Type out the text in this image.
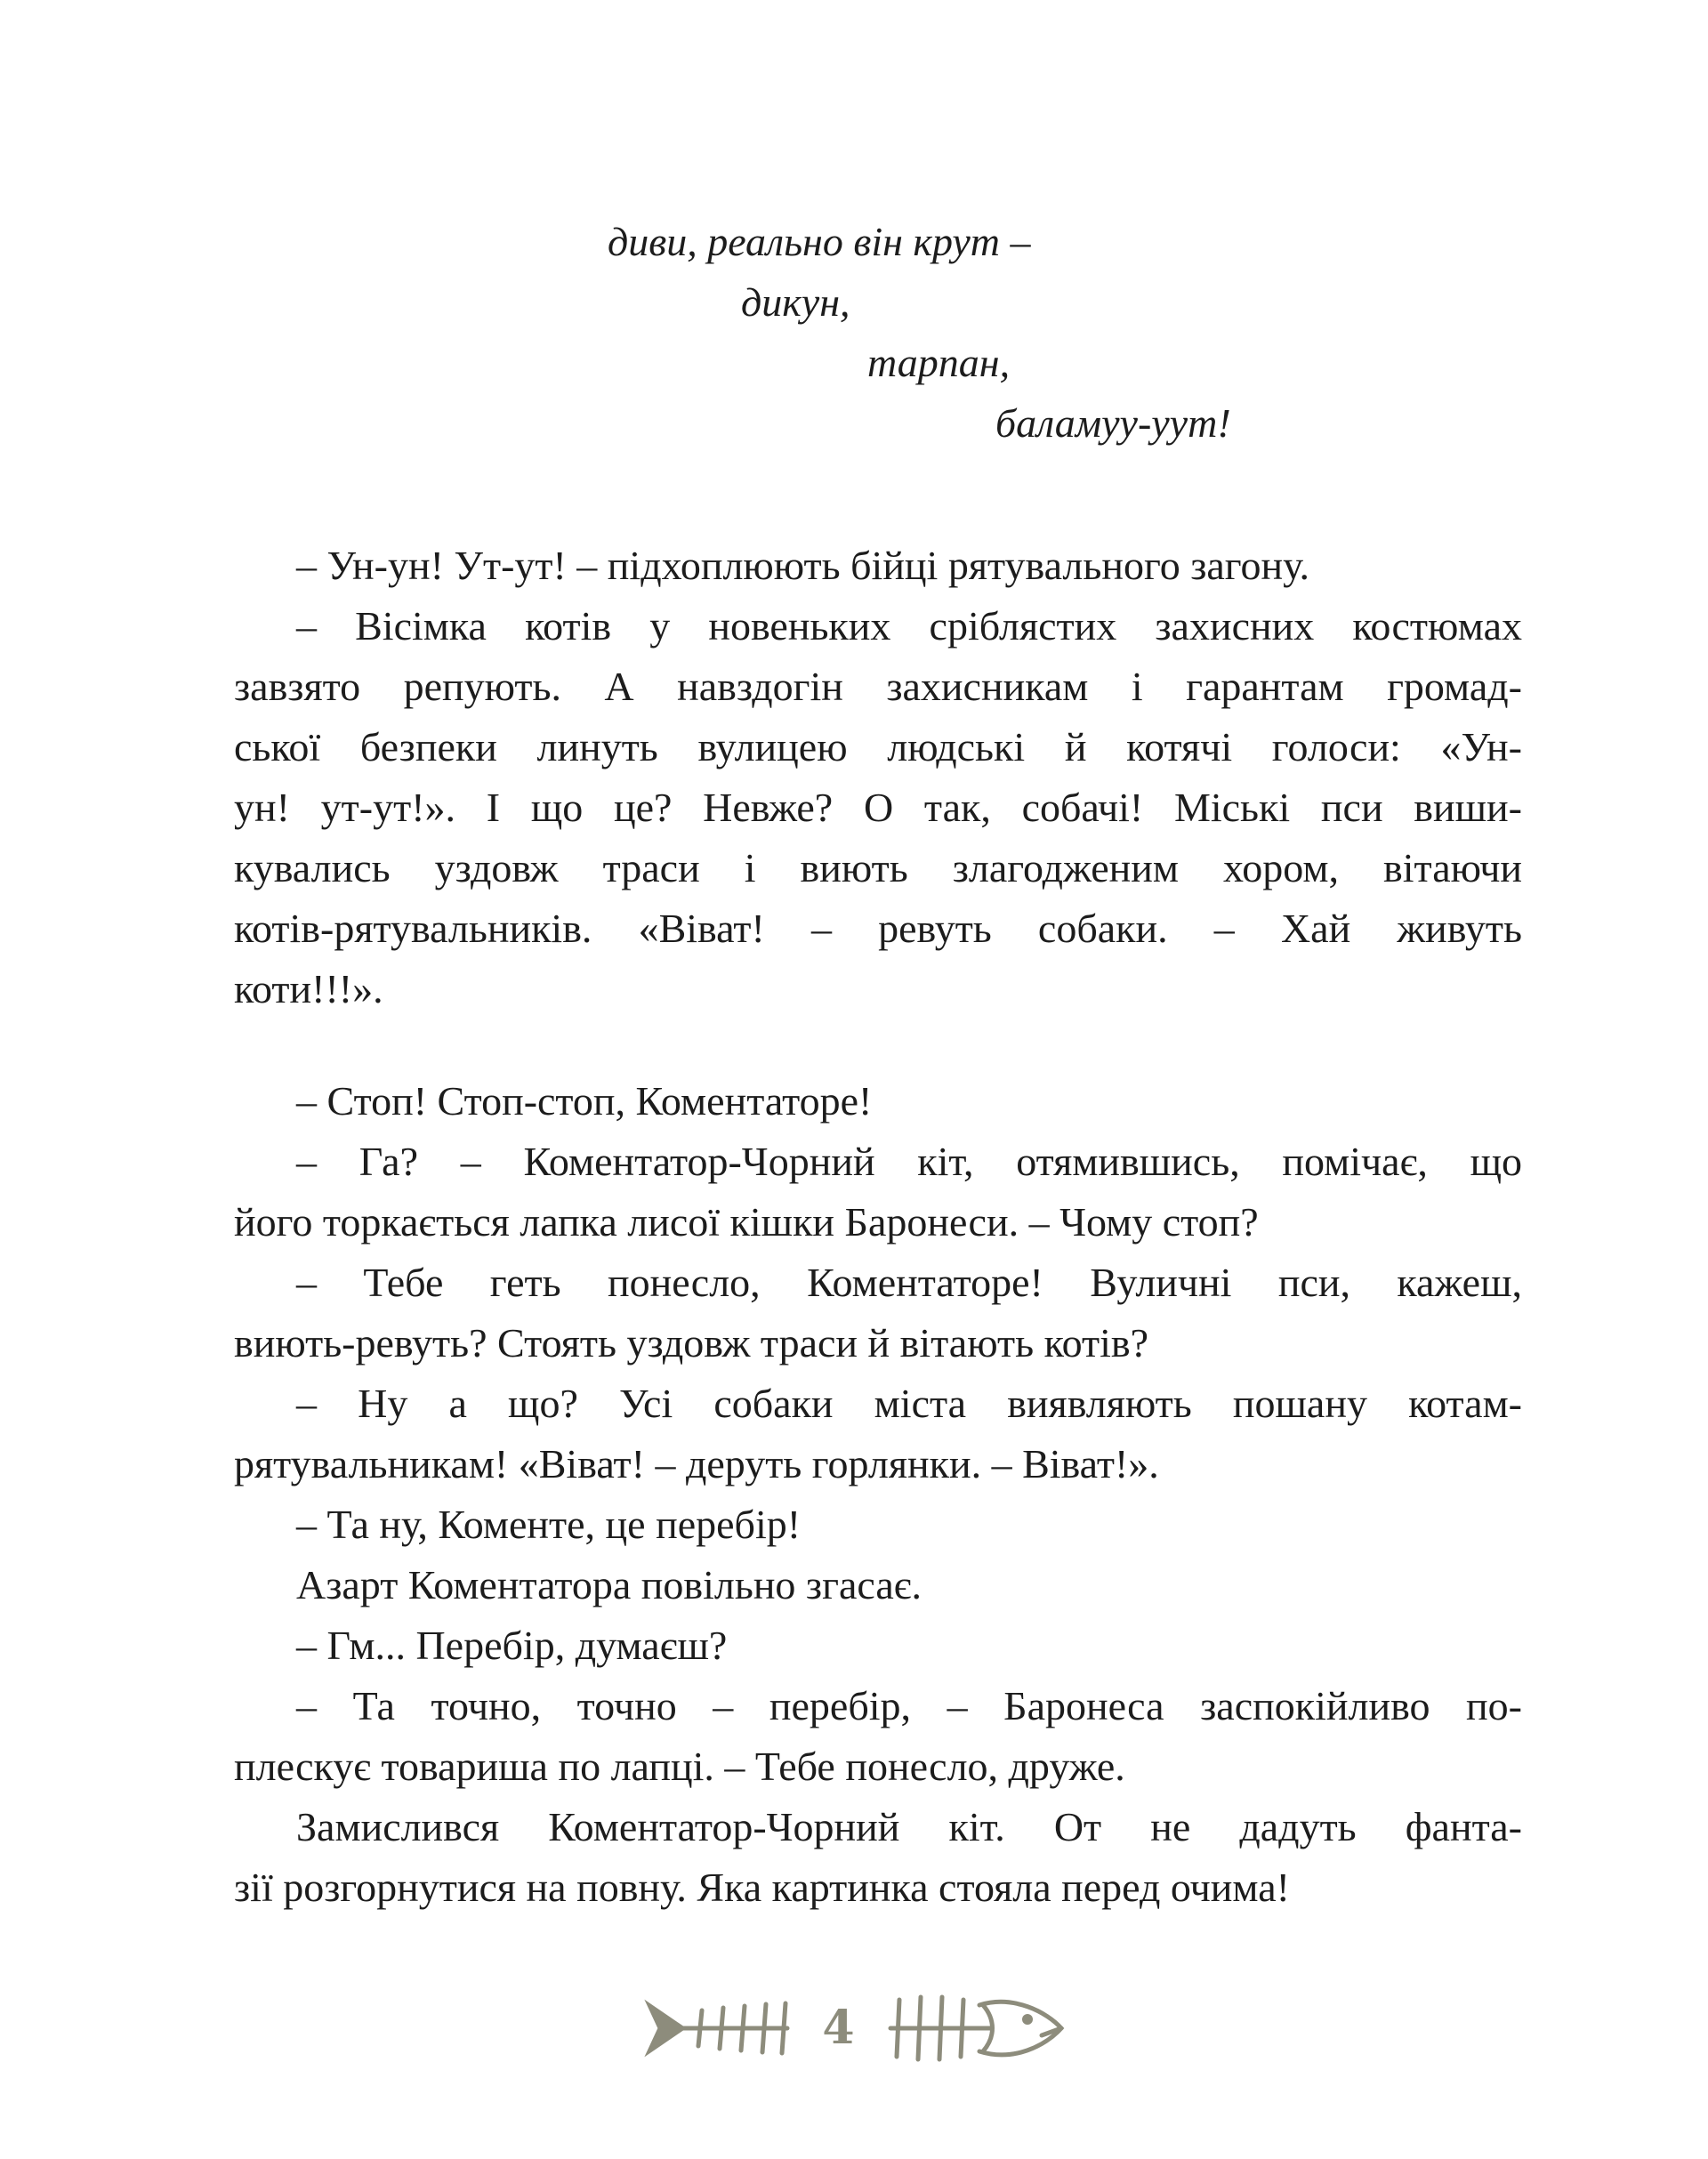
диви, реально він крут –
дикун,
тарпан,
баламуу-уут!

– Ун-ун! Ут-ут! – підхоплюють бійці рятувального загону.

– Вісімка котів у новеньких сріблястих захисних костюмах
завзято репують. А навздогін захисникам і гарантам громад-
ської безпеки линуть вулицею людські й котячі голоси: «Ун-
ун! ут-ут!». І що це? Невже? О так, собачі! Міські пси виши-
кувались уздовж траси і виють злагодженим хором, вітаючи
котів-рятувальників. «Віват! – ревуть собаки. – Хай живуть
коти!!!».

– Стоп! Стоп-стоп, Коментаторе!

– Га? – Коментатор-Чорний кіт, отямившись, помічає, що
його торкається лапка лисої кішки Баронеси. – Чому стоп?

– Тебе геть понесло, Коментаторе! Вуличні пси, кажеш,
виють-ревуть? Стоять уздовж траси й вітають котів?

– Ну а що? Усі собаки міста виявляють пошану котам-
рятувальникам! «Віват! – деруть горлянки. – Віват!».

– Та ну, Коменте, це перебір!

Азарт Коментатора повільно згасає.

– Гм... Перебір, думаєш?

– Та точно, точно – перебір, – Баронеса заспокійливо по-
плескує товариша по лапці. – Тебе понесло, друже.

Замислився Коментатор-Чорний кіт. От не дадуть фанта-
зії розгорнутися на повну. Яка картинка стояла перед очима!

4
